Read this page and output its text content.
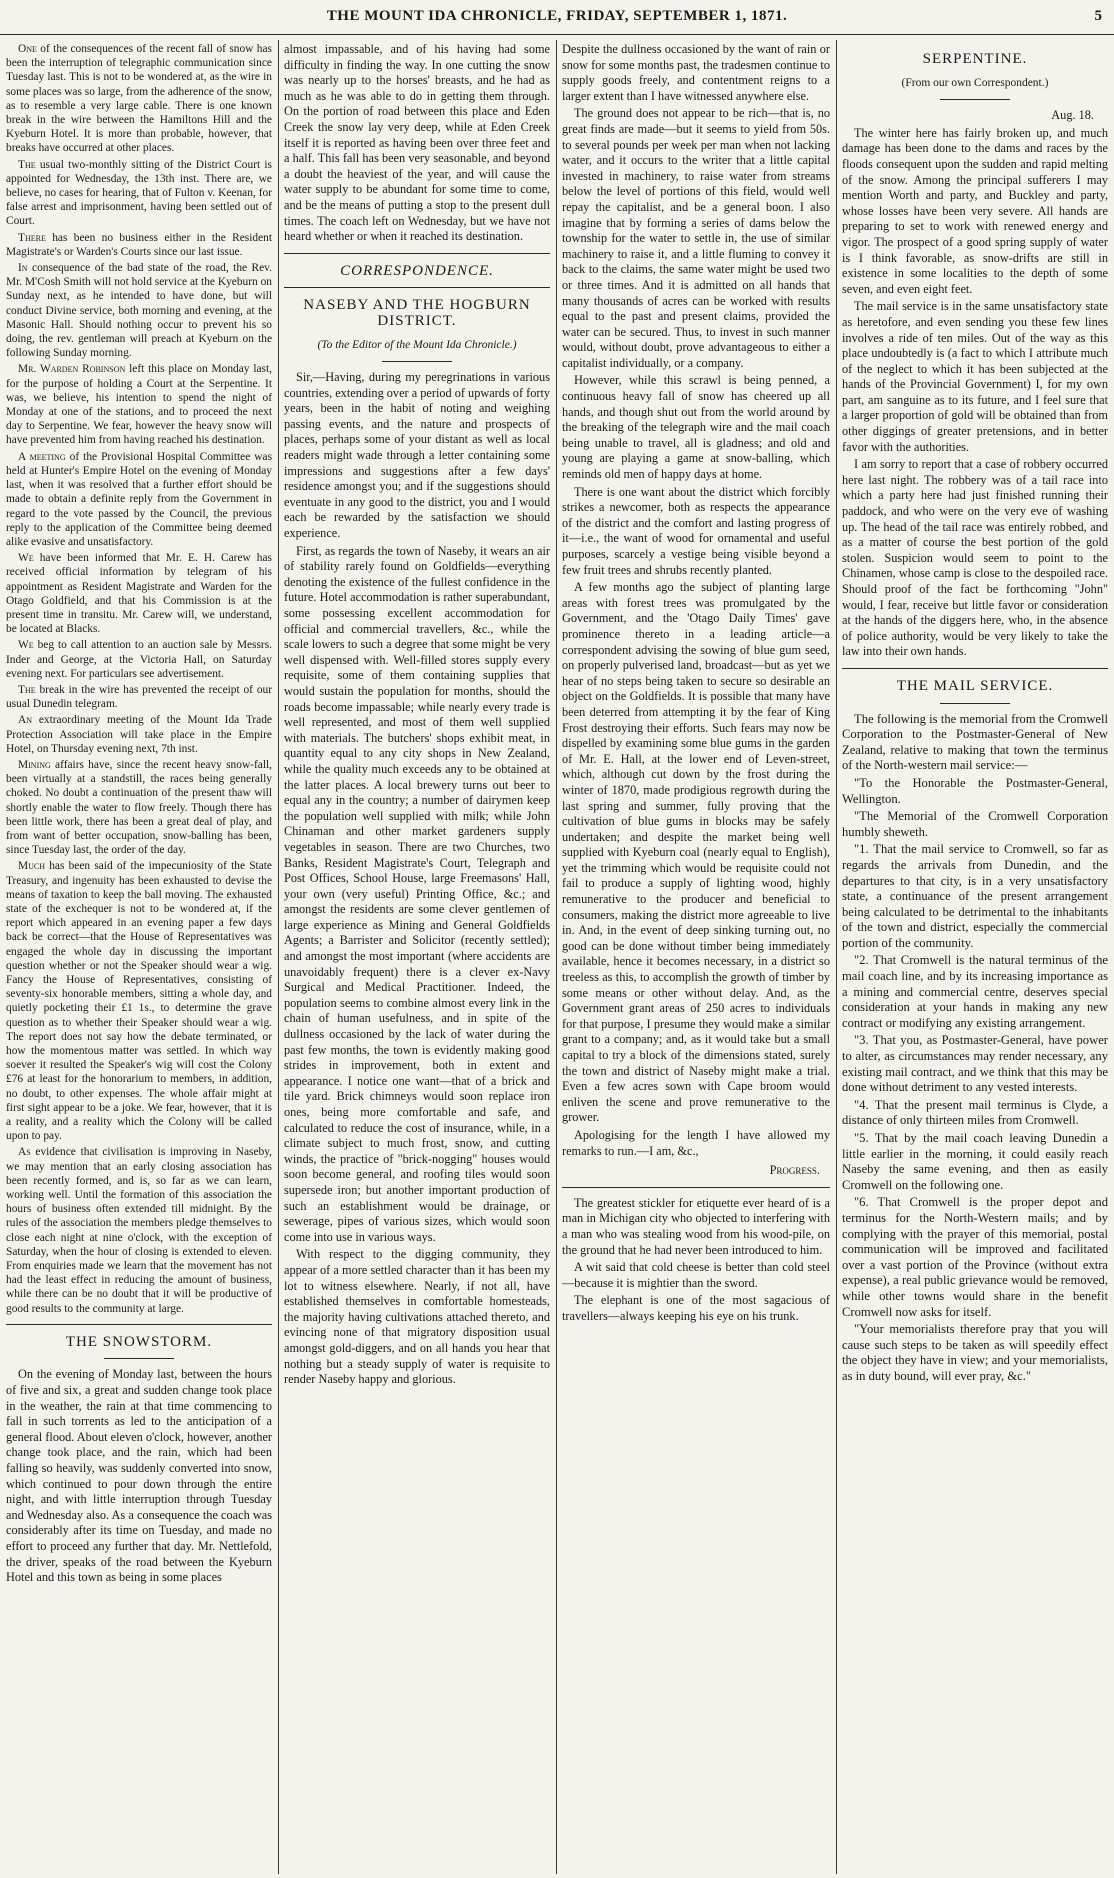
THE MOUNT IDA CHRONICLE, FRIDAY, SEPTEMBER 1, 1871.	5

One of the consequences of the recent fall of snow has been the interruption of telegraphic communication since Tuesday last. This is not to be wondered at, as the wire in some places was so large, from the adherence of the snow, as to resemble a very large cable. There is one known break in the wire between the Hamiltons Hill and the Kyeburn Hotel. It is more than probable, however, that breaks have occurred at other places.

The usual two-monthly sitting of the District Court is appointed for Wednesday, the 13th inst. There are, we believe, no cases for hearing, that of Fulton v. Keenan, for false arrest and imprisonment, having been settled out of Court.

There has been no business either in the Resident Magistrate's or Warden's Courts since our last issue.

In consequence of the bad state of the road, the Rev. Mr. M'Cosh Smith will not hold service at the Kyeburn on Sunday next, as he intended to have done, but will conduct Divine service, both morning and evening, at the Masonic Hall. Should nothing occur to prevent his so doing, the rev. gentleman will preach at Kyeburn on the following Sunday morning.

Mr. Warden Robinson left this place on Monday last, for the purpose of holding a Court at the Serpentine. It was, we believe, his intention to spend the night of Monday at one of the stations, and to proceed the next day to Serpentine. We fear, however the heavy snow will have prevented him from having reached his destination.

A meeting of the Provisional Hospital Committee was held at Hunter's Empire Hotel on the evening of Monday last, when it was resolved that a further effort should be made to obtain a definite reply from the Government in regard to the vote passed by the Council, the previous reply to the application of the Committee being deemed alike evasive and unsatisfactory.

We have been informed that Mr. E. H. Carew has received official information by telegram of his appointment as Resident Magistrate and Warden for the Otago Goldfield, and that his Commission is at the present time in transitu. Mr. Carew will, we understand, be located at Blacks.

We beg to call attention to an auction sale by Messrs. Inder and George, at the Victoria Hall, on Saturday evening next. For particulars see advertisement.

The break in the wire has prevented the receipt of our usual Dunedin telegram.

An extraordinary meeting of the Mount Ida Trade Protection Association will take place in the Empire Hotel, on Thursday evening next, 7th inst.

Mining affairs have, since the recent heavy snow-fall, been virtually at a standstill, the races being generally choked. No doubt a continuation of the present thaw will shortly enable the water to flow freely. Though there has been little work, there has been a great deal of play, and from want of better occupation, snow-balling has been, since Tuesday last, the order of the day.

Much has been said of the impecuniosity of the State Treasury, and ingenuity has been exhausted to devise the means of taxation to keep the ball moving. The exhausted state of the exchequer is not to be wondered at, if the report which appeared in an evening paper a few days back be correct—that the House of Representatives was engaged the whole day in discussing the important question whether or not the Speaker should wear a wig. Fancy the House of Representatives, consisting of seventy-six honorable members, sitting a whole day, and quietly pocketing their £1 1s., to determine the grave question as to whether their Speaker should wear a wig. The report does not say how the debate terminated, or how the momentous matter was settled. In which way soever it resulted the Speaker's wig will cost the Colony £76 at least for the honorarium to members, in addition, no doubt, to other expenses. The whole affair might at first sight appear to be a joke. We fear, however, that it is a reality, and a reality which the Colony will be called upon to pay.

As evidence that civilisation is improving in Naseby, we may mention that an early closing association has been recently formed, and is, so far as we can learn, working well. Until the formation of this association the hours of business often extended till midnight. By the rules of the association the members pledge themselves to close each night at nine o'clock, with the exception of Saturday, when the hour of closing is extended to eleven. From enquiries made we learn that the movement has not had the least effect in reducing the amount of business, while there can be no doubt that it will be productive of good results to the community at large.

THE SNOWSTORM.

On the evening of Monday last, between the hours of five and six, a great and sudden change took place in the weather, the rain at that time commencing to fall in such torrents as led to the anticipation of a general flood. About eleven o'clock, however, another change took place, and the rain, which had been falling so heavily, was suddenly converted into snow, which continued to pour down through the entire night, and with little interruption through Tuesday and Wednesday also. As a consequence the coach was considerably after its time on Tuesday, and made no effort to proceed any further that day. Mr. Nettlefold, the driver, speaks of the road between the Kyeburn Hotel and this town as being in some places

almost impassable, and of his having had some difficulty in finding the way. In one cutting the snow was nearly up to the horses' breasts, and he had as much as he was able to do in getting them through. On the portion of road between this place and Eden Creek the snow lay very deep, while at Eden Creek itself it is reported as having been over three feet and a half. This fall has been very seasonable, and beyond a doubt the heaviest of the year, and will cause the water supply to be abundant for some time to come, and be the means of putting a stop to the present dull times. The coach left on Wednesday, but we have not heard whether or when it reached its destination.

CORRESPONDENCE.
NASEBY AND THE HOGBURN DISTRICT.
(To the Editor of the Mount Ida Chronicle.)

Sir,—Having, during my peregrinations in various countries, extending over a period of upwards of forty years, been in the habit of noting and weighing passing events, and the nature and prospects of places, perhaps some of your distant as well as local readers might wade through a letter containing some impressions and suggestions after a few days' residence amongst you; and if the suggestions should eventuate in any good to the district, you and I would each be rewarded by the satisfaction we should experience.

First, as regards the town of Naseby, it wears an air of stability rarely found on Goldfields—everything denoting the existence of the fullest confidence in the future. Hotel accommodation is rather superabundant, some possessing excellent accommodation for official and commercial travellers, &c., while the scale lowers to such a degree that some might be very well dispensed with. Well-filled stores supply every requisite, some of them containing supplies that would sustain the population for months, should the roads become impassable; while nearly every trade is well represented, and most of them well supplied with materials. The butchers' shops exhibit meat, in quantity equal to any city shops in New Zealand, while the quality much exceeds any to be obtained at the latter places. A local brewery turns out beer to equal any in the country; a number of dairymen keep the population well supplied with milk; while John Chinaman and other market gardeners supply vegetables in season. There are two Churches, two Banks, Resident Magistrate's Court, Telegraph and Post Offices, School House, large Freemasons' Hall, your own (very useful) Printing Office, &c.; and amongst the residents are some clever gentlemen of large experience as Mining and General Goldfields Agents; a Barrister and Solicitor (recently settled); and amongst the most important (where accidents are unavoidably frequent) there is a clever ex-Navy Surgical and Medical Practitioner. Indeed, the population seems to combine almost every link in the chain of human usefulness, and in spite of the dullness occasioned by the lack of water during the past few months, the town is evidently making good strides in improvement, both in extent and appearance. I notice one want—that of a brick and tile yard. Brick chimneys would soon replace iron ones, being more comfortable and safe, and calculated to reduce the cost of insurance, while, in a climate subject to much frost, snow, and cutting winds, the practice of "brick-nogging" houses would soon become general, and roofing tiles would soon supersede iron; but another important production of such an establishment would be drainage, or sewerage, pipes of various sizes, which would soon come into use in various ways.

With respect to the digging community, they appear of a more settled character than it has been my lot to witness elsewhere. Nearly, if not all, have established themselves in comfortable homesteads, the majority having cultivations attached thereto, and evincing none of that migratory disposition usual amongst gold-diggers, and on all hands you hear that nothing but a steady supply of water is requisite to render Naseby happy and glorious.

Despite the dullness occasioned by the want of rain or snow for some months past, the tradesmen continue to supply goods freely, and contentment reigns to a larger extent than I have witnessed anywhere else.

The ground does not appear to be rich—that is, no great finds are made—but it seems to yield from 50s. to several pounds per week per man when not lacking water, and it occurs to the writer that a little capital invested in machinery, to raise water from streams below the level of portions of this field, would well repay the capitalist, and be a general boon. I also imagine that by forming a series of dams below the township for the water to settle in, the use of similar machinery to raise it, and a little fluming to convey it back to the claims, the same water might be used two or three times. And it is admitted on all hands that many thousands of acres can be worked with results equal to the past and present claims, provided the water can be secured. Thus, to invest in such manner would, without doubt, prove advantageous to either a capitalist individually, or a company.

However, while this scrawl is being penned, a continuous heavy fall of snow has cheered up all hands, and though shut out from the world around by the breaking of the telegraph wire and the mail coach being unable to travel, all is gladness; and old and young are playing a game at snow-balling, which reminds old men of happy days at home.

There is one want about the district which forcibly strikes a newcomer, both as respects the appearance of the district and the comfort and lasting progress of it—i.e., the want of wood for ornamental and useful purposes, scarcely a vestige being visible beyond a few fruit trees and shrubs recently planted.

A few months ago the subject of planting large areas with forest trees was promulgated by the Government, and the 'Otago Daily Times' gave prominence thereto in a leading article—a correspondent advising the sowing of blue gum seed, on properly pulverised land, broadcast—but as yet we hear of no steps being taken to secure so desirable an object on the Goldfields. It is possible that many have been deterred from attempting it by the fear of King Frost destroying their efforts. Such fears may now be dispelled by examining some blue gums in the garden of Mr. E. Hall, at the lower end of Leven-street, which, although cut down by the frost during the winter of 1870, made prodigious regrowth during the last spring and summer, fully proving that the cultivation of blue gums in blocks may be safely undertaken; and despite the market being well supplied with Kyeburn coal (nearly equal to English), yet the trimming which would be requisite could not fail to produce a supply of lighting wood, highly remunerative to the producer and beneficial to consumers, making the district more agreeable to live in. And, in the event of deep sinking turning out, no good can be done without timber being immediately available, hence it becomes necessary, in a district so treeless as this, to accomplish the growth of timber by some means or other without delay. And, as the Government grant areas of 250 acres to individuals for that purpose, I presume they would make a similar grant to a company; and, as it would take but a small capital to try a block of the dimensions stated, surely the town and district of Naseby might make a trial. Even a few acres sown with Cape broom would enliven the scene and prove remunerative to the grower.

Apologising for the length I have allowed my remarks to run.—I am, &c.,

Progress.

The greatest stickler for etiquette ever heard of is a man in Michigan city who objected to interfering with a man who was stealing wood from his wood-pile, on the ground that he had never been introduced to him.

A wit said that cold cheese is better than cold steel—because it is mightier than the sword.

The elephant is one of the most sagacious of travellers—always keeping his eye on his trunk.

SERPENTINE.
(From our own Correspondent.)
Aug. 18.

The winter here has fairly broken up, and much damage has been done to the dams and races by the floods consequent upon the sudden and rapid melting of the snow. Among the principal sufferers I may mention Worth and party, and Buckley and party, whose losses have been very severe. All hands are preparing to set to work with renewed energy and vigor. The prospect of a good spring supply of water is I think favorable, as snow-drifts are still in existence in some localities to the depth of some seven, and even eight feet.

The mail service is in the same unsatisfactory state as heretofore, and even sending you these few lines involves a ride of ten miles. Out of the way as this place undoubtedly is (a fact to which I attribute much of the neglect to which it has been subjected at the hands of the Provincial Government) I, for my own part, am sanguine as to its future, and I feel sure that a larger proportion of gold will be obtained than from other diggings of greater pretensions, and in better favor with the authorities.

I am sorry to report that a case of robbery occurred here last night. The robbery was of a tail race into which a party here had just finished running their paddock, and who were on the very eve of washing up. The head of the tail race was entirely robbed, and as a matter of course the best portion of the gold stolen. Suspicion would seem to point to the Chinamen, whose camp is close to the despoiled race. Should proof of the fact be forthcoming "John" would, I fear, receive but little favor or consideration at the hands of the diggers here, who, in the absence of police authority, would be very likely to take the law into their own hands.

THE MAIL SERVICE.

The following is the memorial from the Cromwell Corporation to the Postmaster-General of New Zealand, relative to making that town the terminus of the North-western mail service:—

"To the Honorable the Postmaster-General, Wellington.

"The Memorial of the Cromwell Corporation humbly sheweth.

"1. That the mail service to Cromwell, so far as regards the arrivals from Dunedin, and the departures to that city, is in a very unsatisfactory state, a continuance of the present arrangement being calculated to be detrimental to the inhabitants of the town and district, especially the commercial portion of the community.

"2. That Cromwell is the natural terminus of the mail coach line, and by its increasing importance as a mining and commercial centre, deserves special consideration at your hands in making any new contract or modifying any existing arrangement.

"3. That you, as Postmaster-General, have power to alter, as circumstances may render necessary, any existing mail contract, and we think that this may be done without detriment to any vested interests.

"4. That the present mail terminus is Clyde, a distance of only thirteen miles from Cromwell.

"5. That by the mail coach leaving Dunedin a little earlier in the morning, it could easily reach Naseby the same evening, and then as easily Cromwell on the following one.

"6. That Cromwell is the proper depot and terminus for the North-Western mails; and by complying with the prayer of this memorial, postal communication will be improved and facilitated over a vast portion of the Province (without extra expense), a real public grievance would be removed, while other towns would share in the benefit Cromwell now asks for itself.

"Your memorialists therefore pray that you will cause such steps to be taken as will speedily effect the object they have in view; and your memorialists, as in duty bound, will ever pray, &c."
